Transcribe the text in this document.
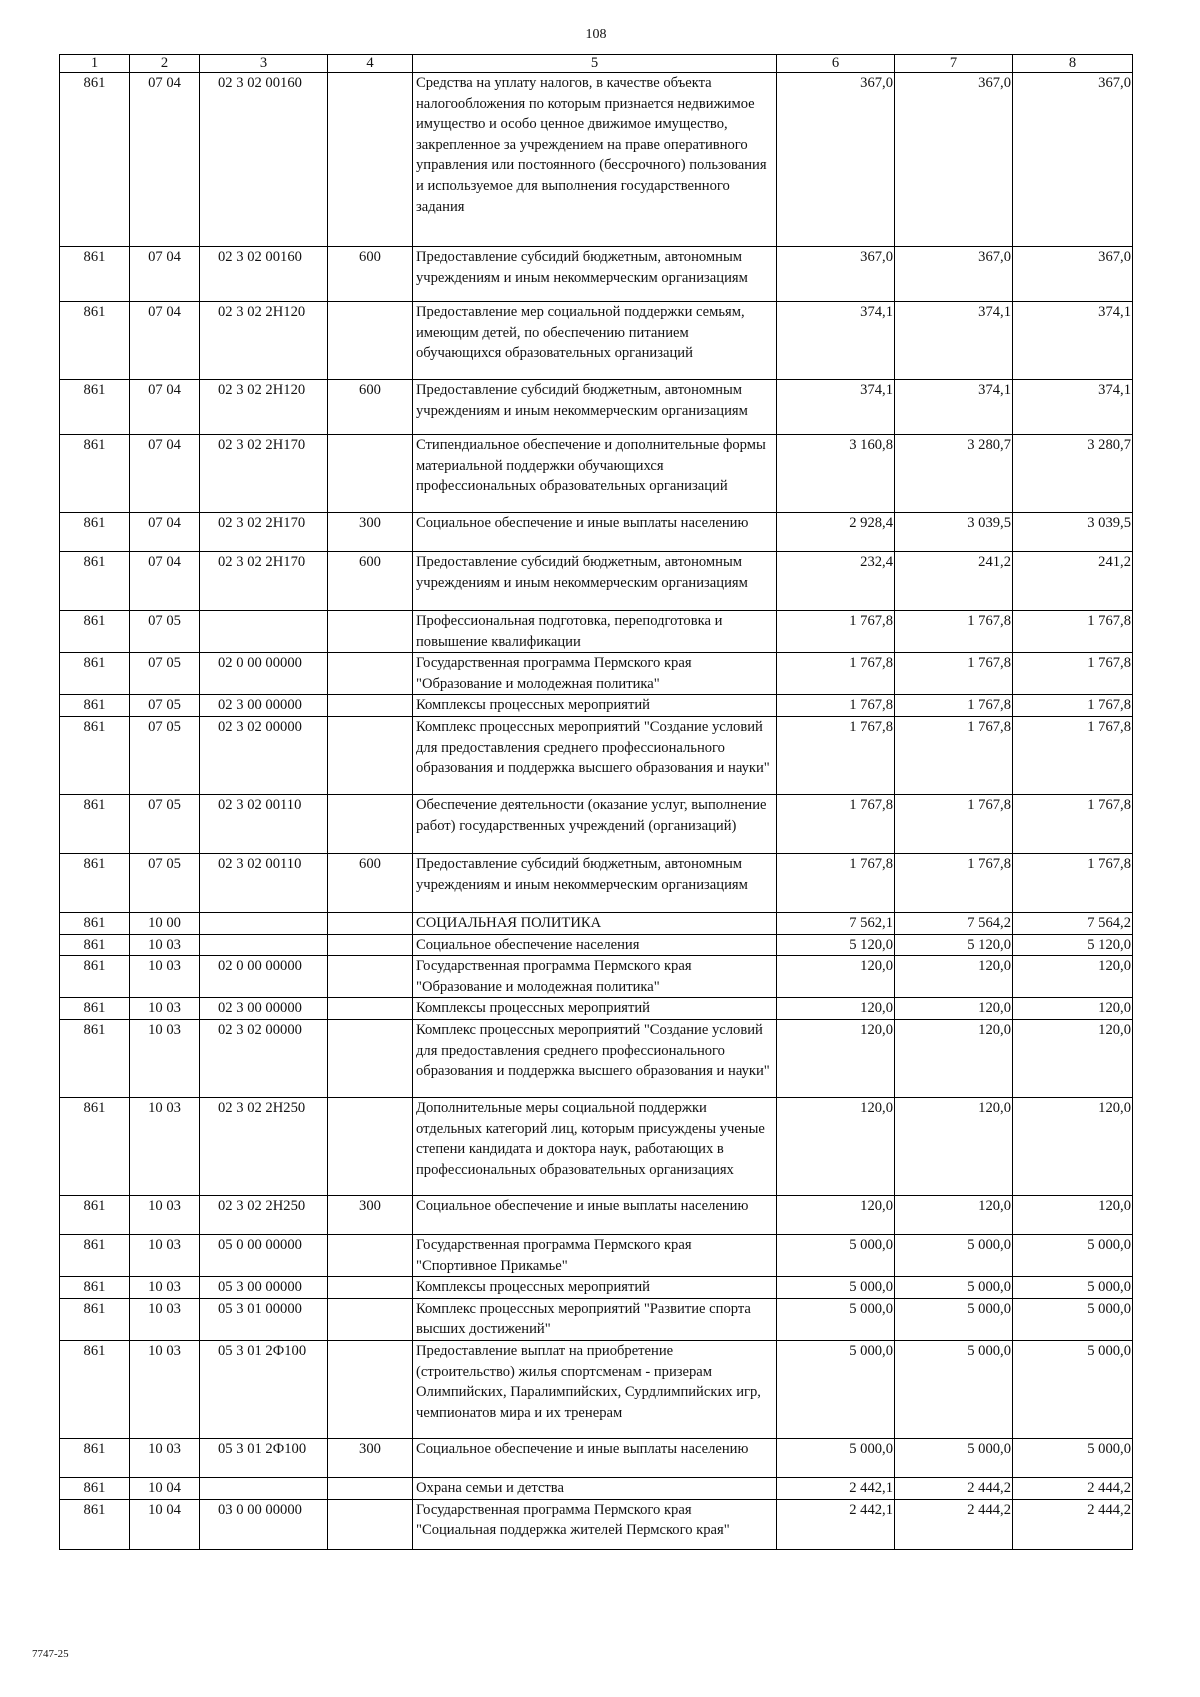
108
1	2	3	4	5	6	7	8
861	07 04	02 3 02 00160		Средства на уплату налогов, в качестве объекта налогообложения по которым признается недвижимое имущество и особо ценное движимое имущество, закрепленное за учреждением на праве оперативного управления или постоянного (бессрочного) пользования и используемое для выполнения государственного задания	367,0	367,0	367,0
861	07 04	02 3 02 00160	600	Предоставление субсидий бюджетным, автономным учреждениям и иным некоммерческим организациям	367,0	367,0	367,0
861	07 04	02 3 02 2Н120		Предоставление мер социальной поддержки семьям, имеющим детей, по обеспечению питанием обучающихся образовательных организаций	374,1	374,1	374,1
861	07 04	02 3 02 2Н120	600	Предоставление субсидий бюджетным, автономным учреждениям и иным некоммерческим организациям	374,1	374,1	374,1
861	07 04	02 3 02 2Н170		Стипендиальное обеспечение и дополнительные формы материальной поддержки обучающихся профессиональных образовательных организаций	3 160,8	3 280,7	3 280,7
861	07 04	02 3 02 2Н170	300	Социальное обеспечение и иные выплаты населению	2 928,4	3 039,5	3 039,5
861	07 04	02 3 02 2Н170	600	Предоставление субсидий бюджетным, автономным учреждениям и иным некоммерческим организациям	232,4	241,2	241,2
861	07 05			Профессиональная подготовка, переподготовка и повышение квалификации	1 767,8	1 767,8	1 767,8
861	07 05	02 0 00 00000		Государственная программа Пермского края "Образование и молодежная политика"	1 767,8	1 767,8	1 767,8
861	07 05	02 3 00 00000		Комплексы процессных мероприятий	1 767,8	1 767,8	1 767,8
861	07 05	02 3 02 00000		Комплекс процессных мероприятий "Создание условий для предоставления среднего профессионального образования и поддержка высшего образования и науки"	1 767,8	1 767,8	1 767,8
861	07 05	02 3 02 00110		Обеспечение деятельности (оказание услуг, выполнение работ) государственных учреждений (организаций)	1 767,8	1 767,8	1 767,8
861	07 05	02 3 02 00110	600	Предоставление субсидий бюджетным, автономным учреждениям и иным некоммерческим организациям	1 767,8	1 767,8	1 767,8
861	10 00			СОЦИАЛЬНАЯ ПОЛИТИКА	7 562,1	7 564,2	7 564,2
861	10 03			Социальное обеспечение населения	5 120,0	5 120,0	5 120,0
861	10 03	02 0 00 00000		Государственная программа Пермского края "Образование и молодежная политика"	120,0	120,0	120,0
861	10 03	02 3 00 00000		Комплексы процессных мероприятий	120,0	120,0	120,0
861	10 03	02 3 02 00000		Комплекс процессных мероприятий "Создание условий для предоставления среднего профессионального образования и поддержка высшего образования и науки"	120,0	120,0	120,0
861	10 03	02 3 02 2Н250		Дополнительные меры социальной поддержки отдельных категорий лиц, которым присуждены ученые степени кандидата и доктора наук, работающих в профессиональных образовательных организациях	120,0	120,0	120,0
861	10 03	02 3 02 2Н250	300	Социальное обеспечение и иные выплаты населению	120,0	120,0	120,0
861	10 03	05 0 00 00000		Государственная программа Пермского края "Спортивное Прикамье"	5 000,0	5 000,0	5 000,0
861	10 03	05 3 00 00000		Комплексы процессных мероприятий	5 000,0	5 000,0	5 000,0
861	10 03	05 3 01 00000		Комплекс процессных мероприятий "Развитие спорта высших достижений"	5 000,0	5 000,0	5 000,0
861	10 03	05 3 01 2Ф100		Предоставление выплат на приобретение (строительство) жилья спортсменам - призерам Олимпийских, Паралимпийских, Сурдлимпийских игр, чемпионатов мира и их тренерам	5 000,0	5 000,0	5 000,0
861	10 03	05 3 01 2Ф100	300	Социальное обеспечение и иные выплаты населению	5 000,0	5 000,0	5 000,0
861	10 04			Охрана семьи и детства	2 442,1	2 444,2	2 444,2
861	10 04	03 0 00 00000		Государственная программа Пермского края "Социальная поддержка жителей Пермского края"	2 442,1	2 444,2	2 444,2
7747-25
